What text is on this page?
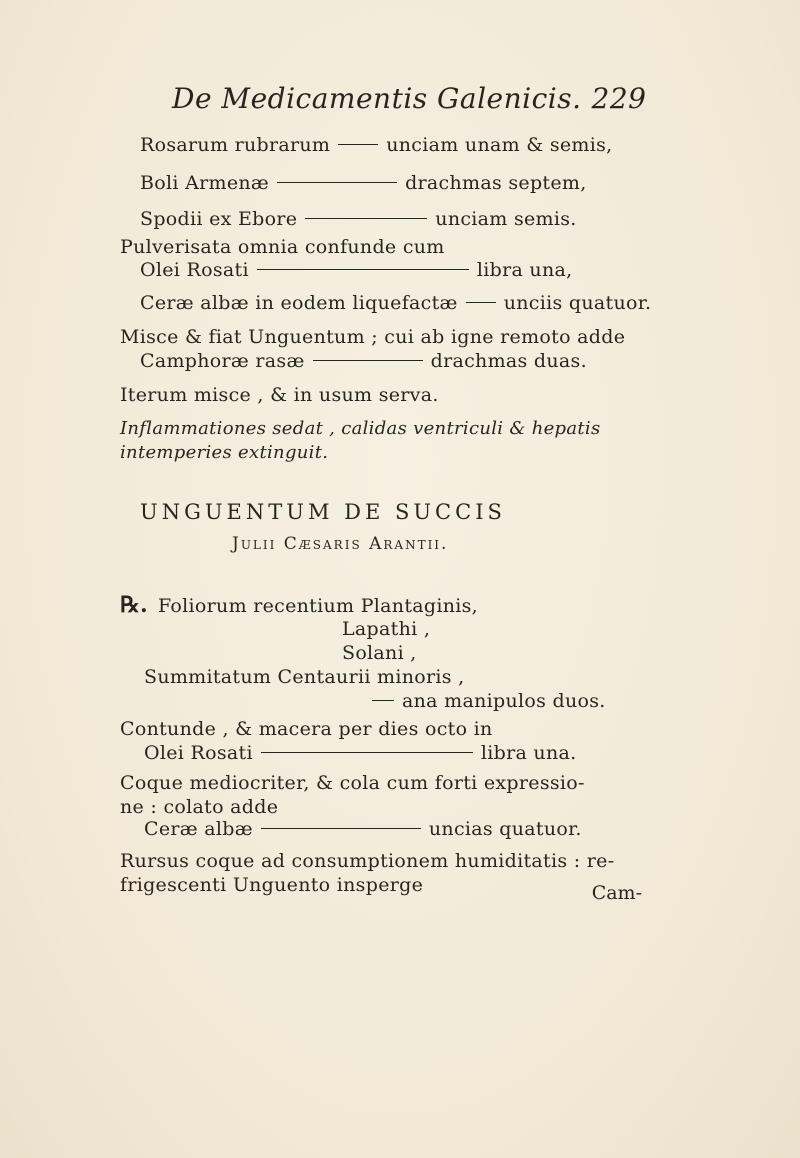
De Medicamentis Galenicis. 229
Rosarum rubrarum	unciam unam & semis,
Boli Armenæ	drachmas septem,
Spodii ex Ebore	unciam semis.
Pulverisata omnia confunde cum
Olei Rosati	libra una,
Ceræ albæ in eodem liquefactæ unciis quatuor.
Misce & fiat Unguentum ; cui ab igne remoto adde
Camphoræ rasæ	drachmas duas.
Iterum misce , & in usum serva.
Inflammationes sedat , calidas ventriculi & hepatis
intemperies extinguit.
UNGUENTUM DE SUCCIS
Julii Cæsaris Arantii.
℞. Foliorum recentium Plantaginis,
Lapathi ,
Solani ,
Summitatum Centaurii minoris ,
ana manipulos duos.
Contunde , & macera per dies octo in
Olei Rosati	libra una.
Coque mediocriter, & cola cum forti expressio-
ne : colato adde
Ceræ albæ	uncias quatuor.
Rursus coque ad consumptionem humiditatis : re-
frigescenti Unguento insperge	Cam-
